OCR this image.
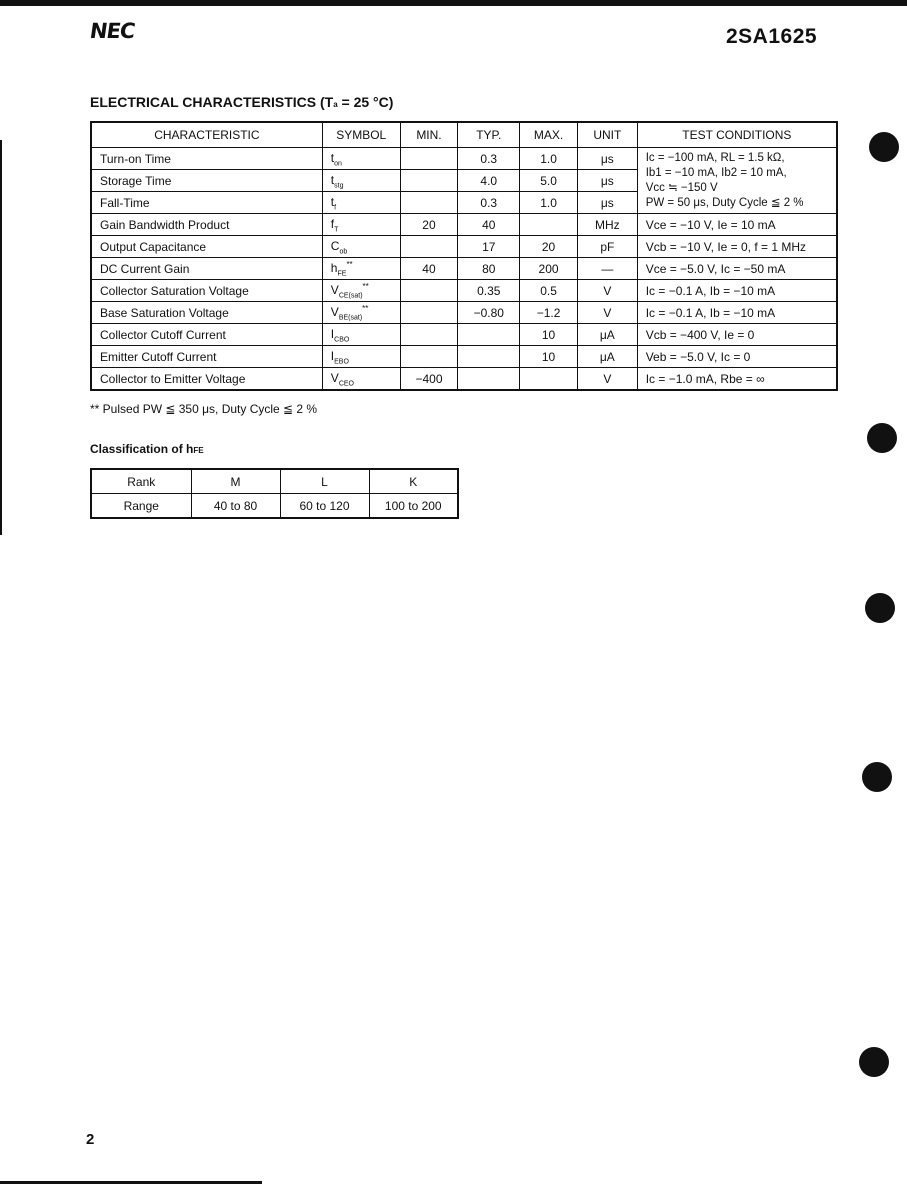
NEC	2SA1625
ELECTRICAL CHARACTERISTICS (Ta = 25 °C)
CHARACTERISTIC	SYMBOL	MIN.	TYP.	MAX.	UNIT	TEST CONDITIONS
Turn-on Time	$t_{on}$		0.3	1.0	μs	Ic = −100 mA, RL = 1.5 kΩ,
Ib1 = −10 mA, Ib2 = 10 mA,
Vcc ≒ −150 V
PW = 50 μs, Duty Cycle ≦ 2 %

Storage Time	$t_{stg}$		4.0	5.0	μs	
Fall-Time	$t_f$		0.3	1.0	μs	
Gain Bandwidth Product	$f_T$	20	40		MHz	Vce = −10 V, Ie = 10 mA
Output Capacitance	$C_{ob}$		17	20	pF	Vcb = −10 V, Ie = 0, f = 1 MHz
DC Current Gain	$h_{FE}^{**}$	40	80	200	—	Vce = −5.0 V, Ic = −50 mA
Collector Saturation Voltage	$V_{CE(sat)}^{**}$		0.35	0.5	V	Ic = −0.1 A, Ib = −10 mA
Base Saturation Voltage	$V_{BE(sat)}^{**}$		−0.80	−1.2	V	Ic = −0.1 A, Ib = −10 mA
Collector Cutoff Current	$I_{CBO}$			10	μA	Vcb = −400 V, Ie = 0
Emitter Cutoff Current	$I_{EBO}$			10	μA	Veb = −5.0 V, Ic = 0
Collector to Emitter Voltage	$V_{CEO}$	−400			V	Ic = −1.0 mA, Rbe = ∞
** Pulsed PW ≦ 350 μs, Duty Cycle ≦ 2 %
Classification of hFE
Rank	M	L	K
Range	40 to 80	60 to 120	100 to 200
2
